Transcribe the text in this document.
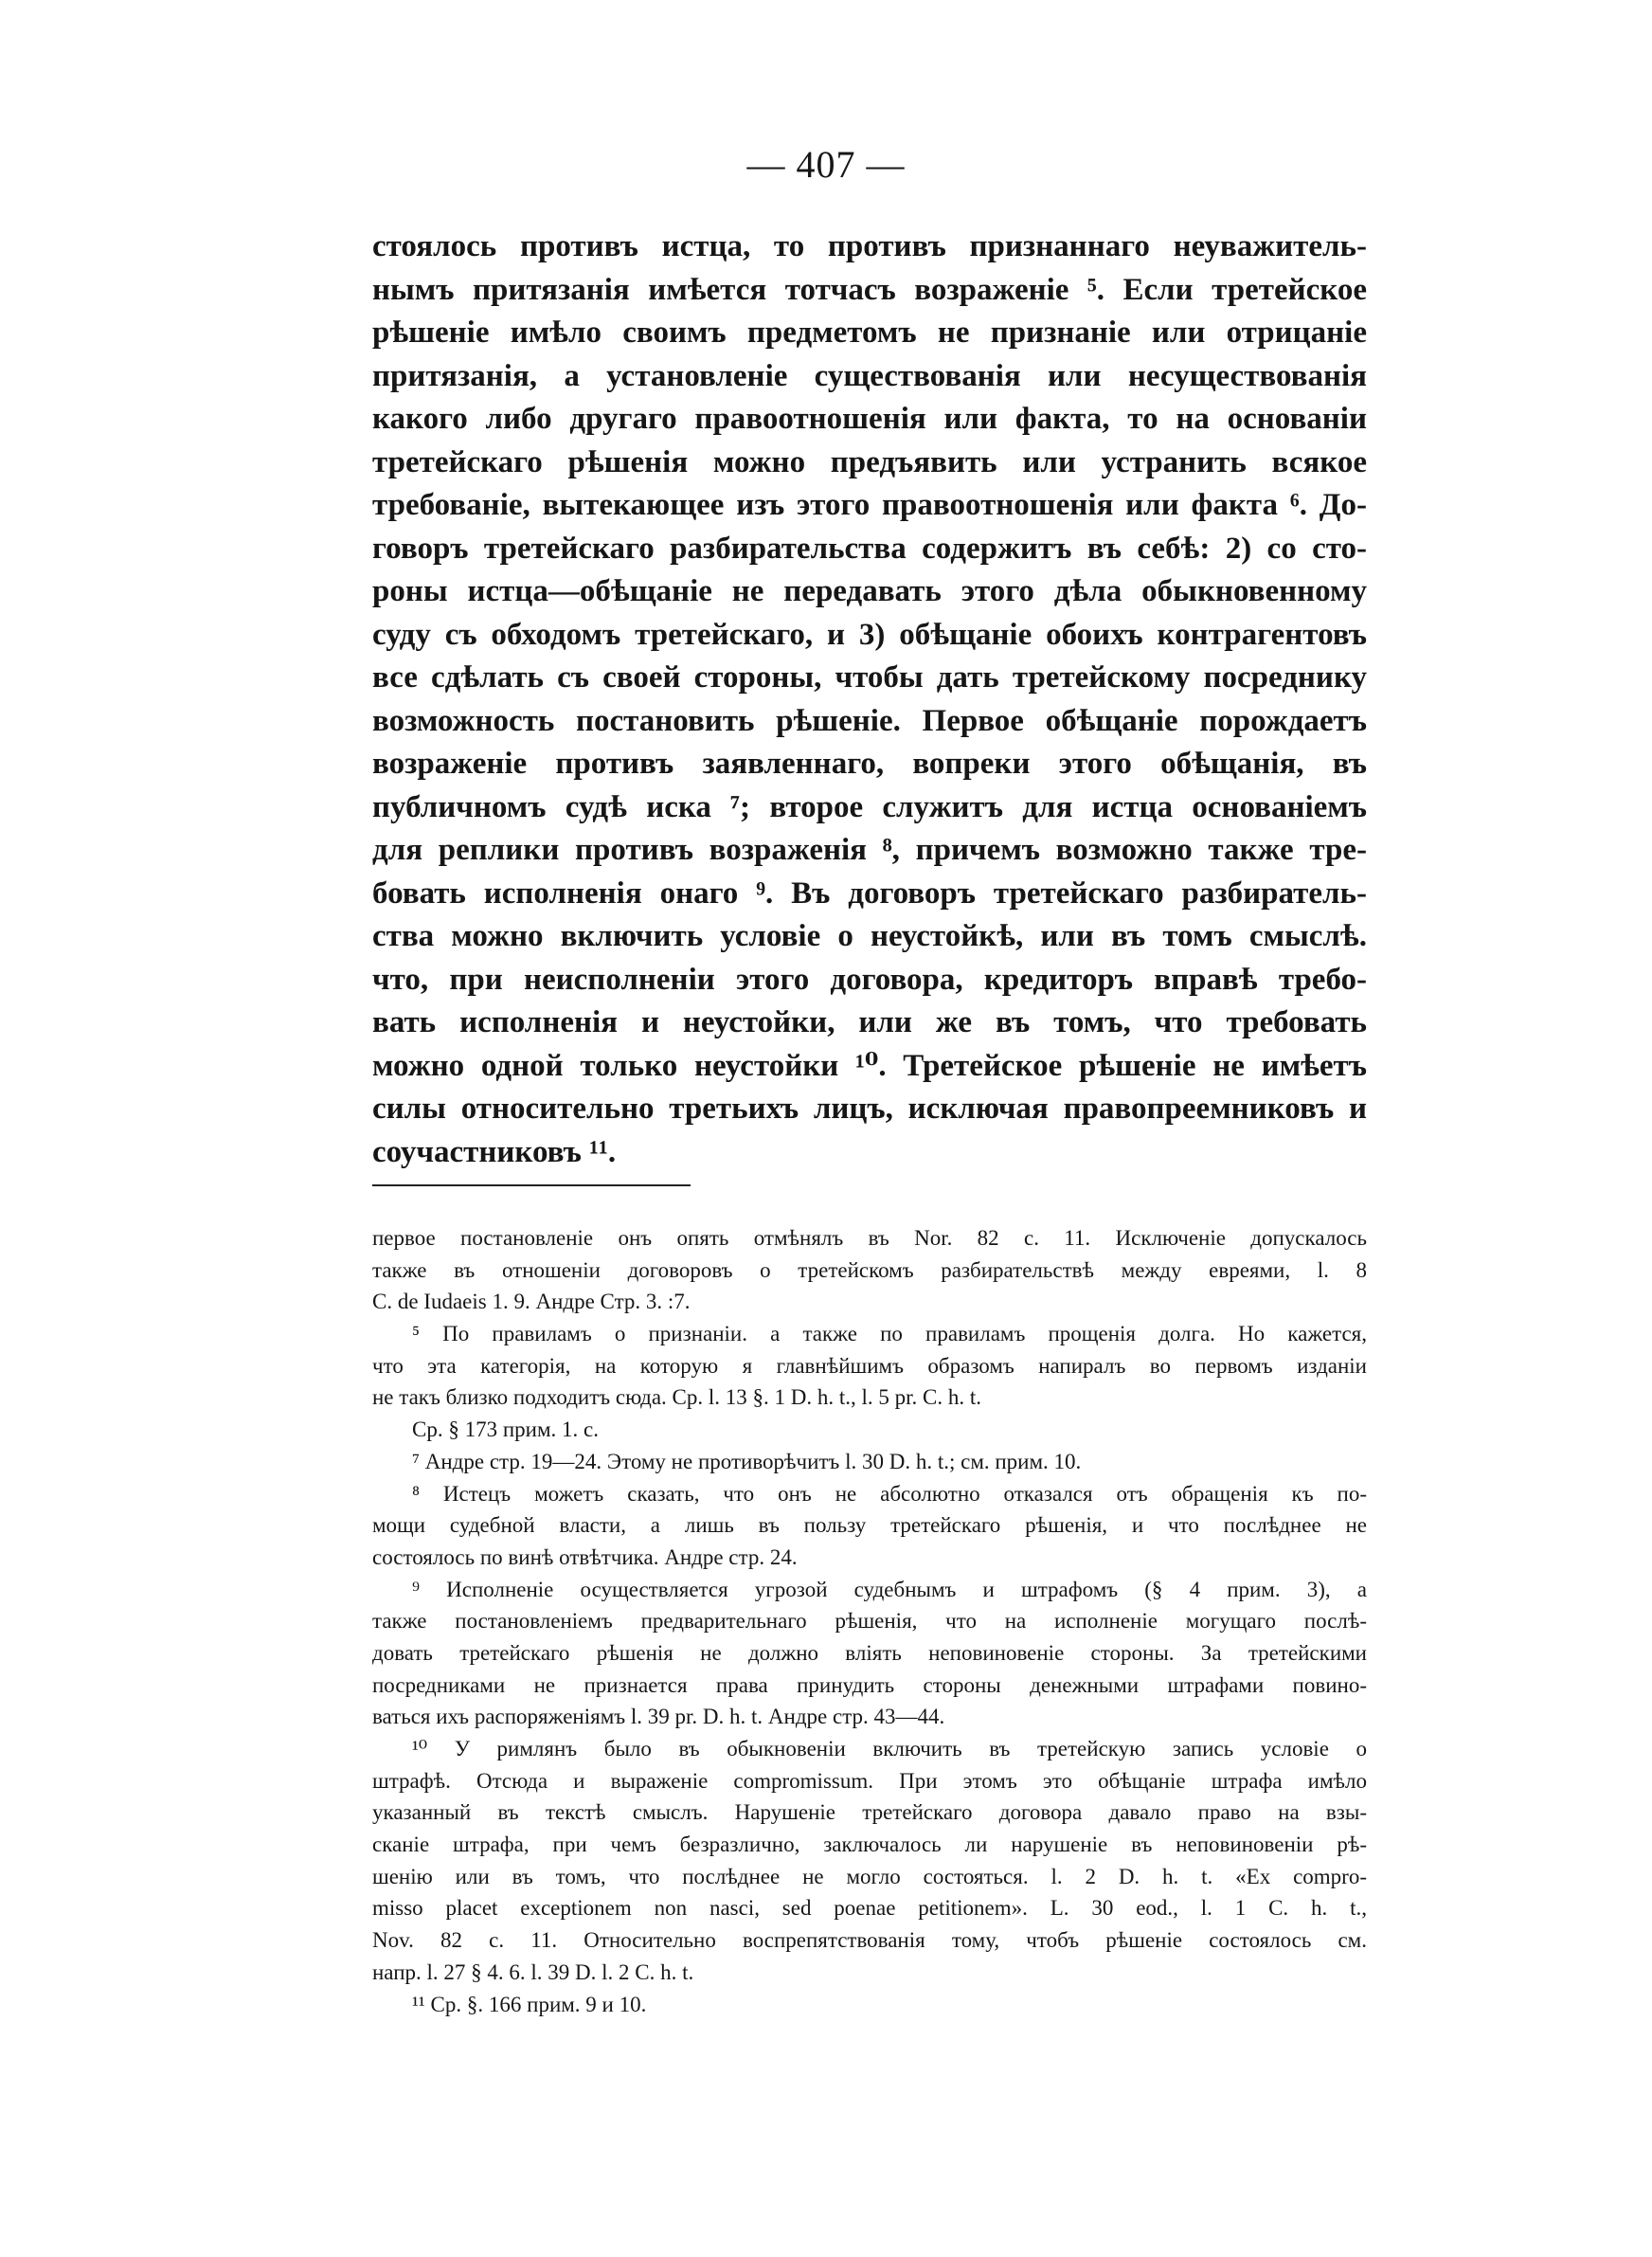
— 407 —
стоялось противъ истца, то противъ признаннаго неуважитель-
нымъ притязанія имѣется тотчасъ возраженіе ⁵. Если третейское
рѣшеніе имѣло своимъ предметомъ не признаніе или отрицаніе
притязанія, а установленіе существованія или несуществованія
какого либо другаго правоотношенія или факта, то на основаніи
третейскаго рѣшенія можно предъявить или устранить всякое
требованіе, вытекающее изъ этого правоотношенія или факта ⁶. До-
говоръ третейскаго разбирательства содержитъ въ себѣ: 2) со сто-
роны истца—обѣщаніе не передавать этого дѣла обыкновенному
суду съ обходомъ третейскаго, и 3) обѣщаніе обоихъ контрагентовъ
все сдѣлать съ своей стороны, чтобы дать третейскому посреднику
возможность постановить рѣшеніе. Первое обѣщаніе порождаетъ
возраженіе противъ заявленнаго, вопреки этого обѣщанія, въ
публичномъ судѣ иска ⁷; второе служитъ для истца основаніемъ
для реплики противъ возраженія ⁸, причемъ возможно также тре-
бовать исполненія онаго ⁹. Въ договоръ третейскаго разбиратель-
ства можно включить условіе о неустойкѣ, или въ томъ смыслѣ.
что, при неисполненіи этого договора, кредиторъ вправѣ требо-
вать исполненія и неустойки, или же въ томъ, что требовать
можно одной только неустойки ¹⁰. Третейское рѣшеніе не имѣетъ
силы относительно третьихъ лицъ, исключая правопреемниковъ и
соучастниковъ ¹¹.
первое постановленіе онъ опять отмѣнялъ въ Nor. 82 с. 11. Исключеніе допускалось
также въ отношеніи договоровъ о третейскомъ разбирательствѣ между евреями, l. 8
C. de Iudaeis 1. 9. Андре Стр. 3. :7.
⁵ По правиламъ о признаніи. а также по правиламъ прощенія долга. Но кажется,
что эта категорія, на которую я главнѣйшимъ образомъ напиралъ во первомъ изданіи
не такъ близко подходитъ сюда. Ср. l. 13 §. 1 D. h. t., l. 5 pr. C. h. t.
Ср. § 173 прим. 1. с.
⁷ Андре стр. 19—24. Этому не противорѣчитъ l. 30 D. h. t.; см. прим. 10.
⁸ Истецъ можетъ сказать, что онъ не абсолютно отказался отъ обращенія къ по-
мощи судебной власти, а лишь въ пользу третейскаго рѣшенія, и что послѣднее не
состоялось по винѣ отвѣтчика. Андре стр. 24.
⁹ Исполненіе осуществляется угрозой судебнымъ и штрафомъ (§ 4 прим. 3), а
также постановленіемъ предварительнаго рѣшенія, что на исполненіе могущаго послѣ-
довать третейскаго рѣшенія не должно вліять неповиновеніе стороны. За третейскими
посредниками не признается права принудить стороны денежными штрафами повино-
ваться ихъ распоряженіямъ l. 39 pr. D. h. t. Андре стр. 43—44.
¹⁰ У римлянъ было въ обыкновеніи включить въ третейскую запись условіе о
штрафѣ. Отсюда и выраженіе compromissum. При этомъ это обѣщаніе штрафа имѣло
указанный въ текстѣ смыслъ. Нарушеніе третейскаго договора давало право на взы-
сканіе штрафа, при чемъ безразлично, заключалось ли нарушеніе въ неповиновеніи рѣ-
шенію или въ томъ, что послѣднее не могло состояться. l. 2 D. h. t. «Ex compro-
misso placet exceptionem non nasci, sed poenae petitionem». L. 30 eod., l. 1 C. h. t.,
Nov. 82 c. 11. Относительно воспрепятствованія тому, чтобъ рѣшеніе состоялось см.
напр. l. 27 § 4. 6. l. 39 D. l. 2 C. h. t.
¹¹ Ср. §. 166 прим. 9 и 10.
